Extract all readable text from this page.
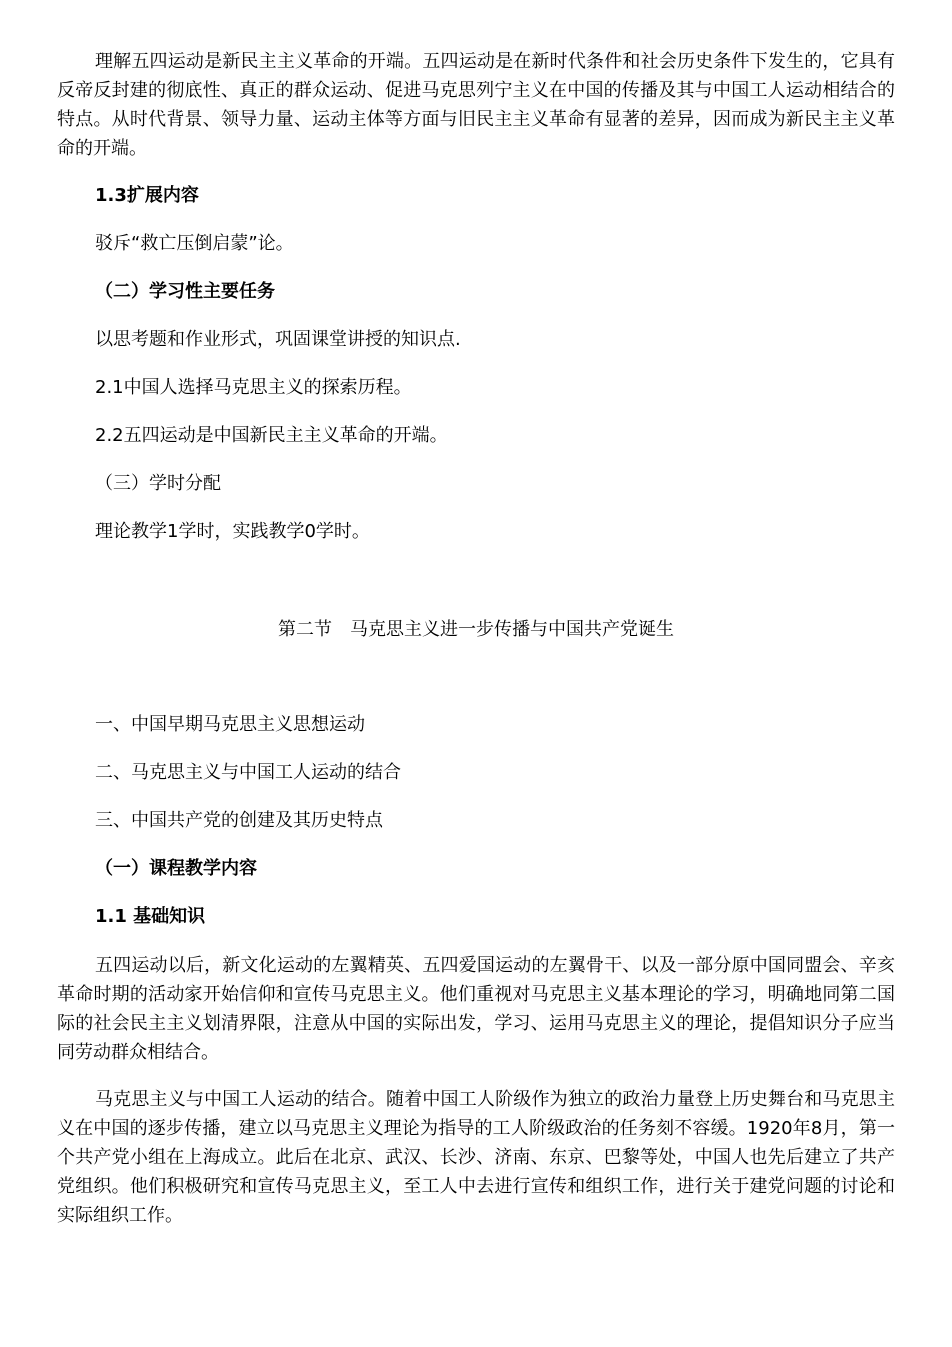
理解五四运动是新民主主义革命的开端。五四运动是在新时代条件和社会历史条件下发生的，它具有反帝反封建的彻底性、真正的群众运动、促进马克思列宁主义在中国的传播及其与中国工人运动相结合的特点。从时代背景、领导力量、运动主体等方面与旧民主主义革命有显著的差异，因而成为新民主主义革命的开端。

1.3扩展内容

驳斥“救亡压倒启蒙”论。

（二）学习性主要任务

以思考题和作业形式，巩固课堂讲授的知识点.

2.1中国人选择马克思主义的探索历程。

2.2五四运动是中国新民主主义革命的开端。

（三）学时分配

理论教学1学时，实践教学0学时。

第二节　马克思主义进一步传播与中国共产党诞生

一、中国早期马克思主义思想运动

二、马克思主义与中国工人运动的结合

三、中国共产党的创建及其历史特点

（一）课程教学内容

1.1 基础知识

五四运动以后，新文化运动的左翼精英、五四爱国运动的左翼骨干、以及一部分原中国同盟会、辛亥革命时期的活动家开始信仰和宣传马克思主义。他们重视对马克思主义基本理论的学习，明确地同第二国际的社会民主主义划清界限，注意从中国的实际出发，学习、运用马克思主义的理论，提倡知识分子应当同劳动群众相结合。

马克思主义与中国工人运动的结合。随着中国工人阶级作为独立的政治力量登上历史舞台和马克思主义在中国的逐步传播，建立以马克思主义理论为指导的工人阶级政治的任务刻不容缓。1920年8月，第一个共产党小组在上海成立。此后在北京、武汉、长沙、济南、东京、巴黎等处，中国人也先后建立了共产党组织。他们积极研究和宣传马克思主义，至工人中去进行宣传和组织工作，进行关于建党问题的讨论和实际组织工作。
